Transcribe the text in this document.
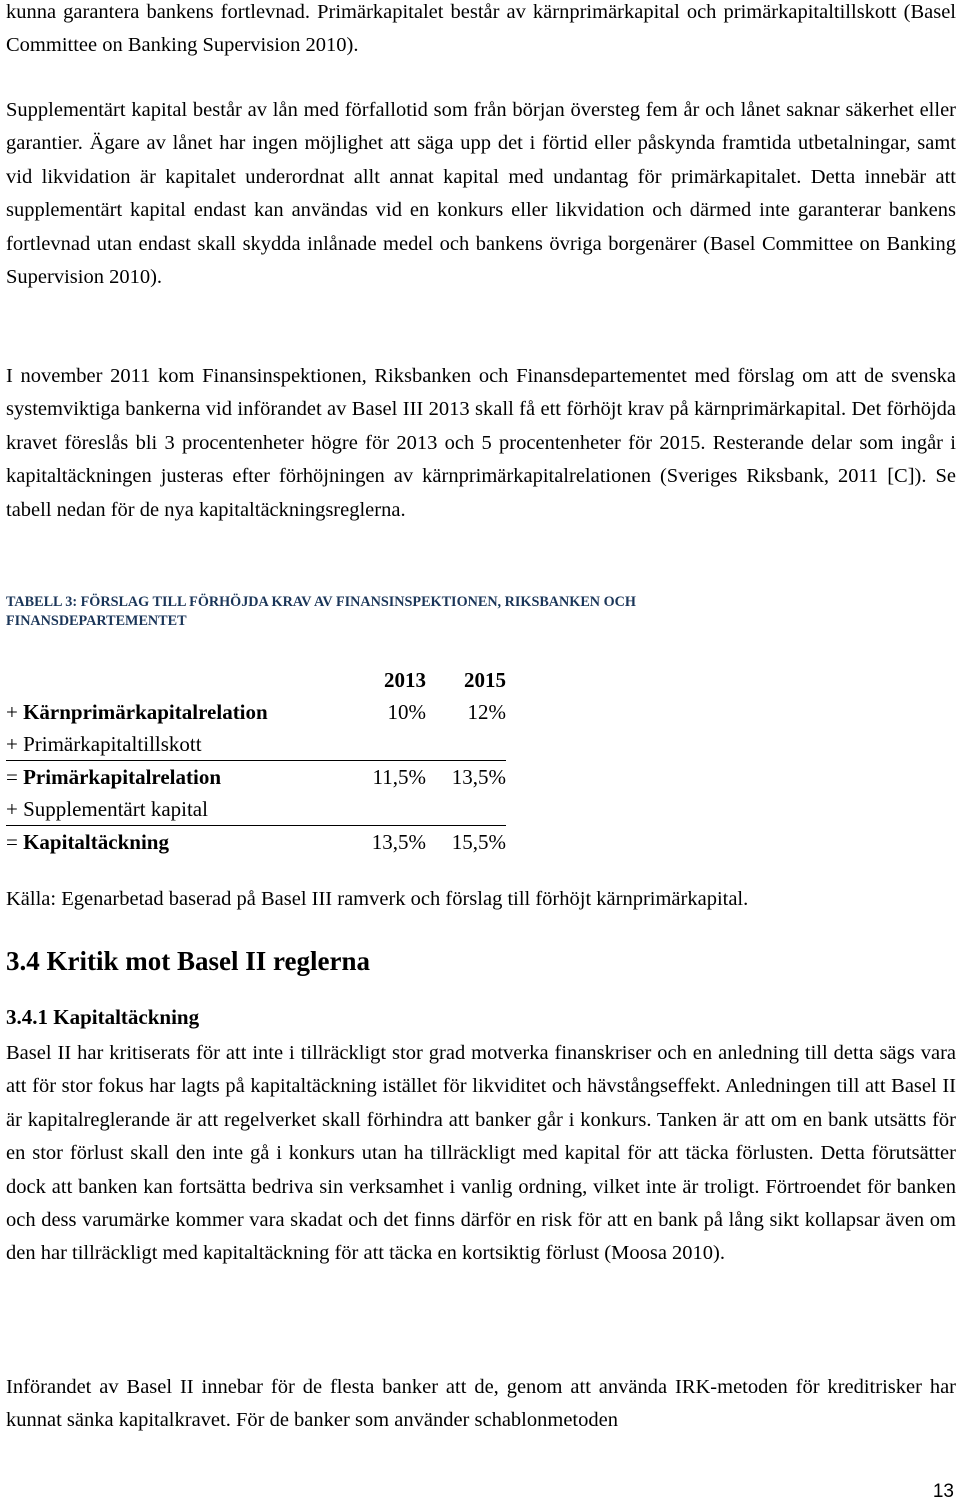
kunna garantera bankens fortlevnad. Primärkapitalet består av kärnprimärkapital och primärkapitaltillskott (Basel Committee on Banking Supervision 2010).

Supplementärt kapital består av lån med förfallotid som från början översteg fem år och lånet saknar säkerhet eller garantier. Ägare av lånet har ingen möjlighet att säga upp det i förtid eller påskynda framtida utbetalningar, samt vid likvidation är kapitalet underordnat allt annat kapital med undantag för primärkapitalet. Detta innebär att supplementärt kapital endast kan användas vid en konkurs eller likvidation och därmed inte garanterar bankens fortlevnad utan endast skall skydda inlånade medel och bankens övriga borgenärer (Basel Committee on Banking Supervision 2010).

I november 2011 kom Finansinspektionen, Riksbanken och Finansdepartementet med förslag om att de svenska systemviktiga bankerna vid införandet av Basel III 2013 skall få ett förhöjt krav på kärnprimärkapital. Det förhöjda kravet föreslås bli 3 procentenheter högre för 2013 och 5 procentenheter för 2015. Resterande delar som ingår i kapitaltäckningen justeras efter förhöjningen av kärnprimärkapitalrelationen (Sveriges Riksbank, 2011 [C]). Se tabell nedan för de nya kapitaltäckningsreglerna.

TABELL 3: FÖRSLAG TILL FÖRHÖJDA KRAV AV FINANSINSPEKTIONEN, RIKSBANKEN OCH
FINANSDEPARTEMENTET
	2013	2015
+ Kärnprimärkapitalrelation	10%	12%
+ Primärkapitaltillskott		
= Primärkapitalrelation	11,5%	13,5%
+ Supplementärt kapital		
= Kapitaltäckning	13,5%	15,5%

Källa: Egenarbetad baserad på Basel III ramverk och förslag till förhöjt kärnprimärkapital.

3.4 Kritik mot Basel II reglerna
3.4.1 Kapitaltäckning

Basel II har kritiserats för att inte i tillräckligt stor grad motverka finanskriser och en anledning till detta sägs vara att för stor fokus har lagts på kapitaltäckning istället för likviditet och hävstångseffekt. Anledningen till att Basel II är kapitalreglerande är att regelverket skall förhindra att banker går i konkurs. Tanken är att om en bank utsätts för en stor förlust skall den inte gå i konkurs utan ha tillräckligt med kapital för att täcka förlusten. Detta förutsätter dock att banken kan fortsätta bedriva sin verksamhet i vanlig ordning, vilket inte är troligt. Förtroendet för banken och dess varumärke kommer vara skadat och det finns därför en risk för att en bank på lång sikt kollapsar även om den har tillräckligt med kapitaltäckning för att täcka en kortsiktig förlust (Moosa 2010).

Införandet av Basel II innebar för de flesta banker att de, genom att använda IRK-metoden för kreditrisker har kunnat sänka kapitalkravet. För de banker som använder schablonmetoden

13
